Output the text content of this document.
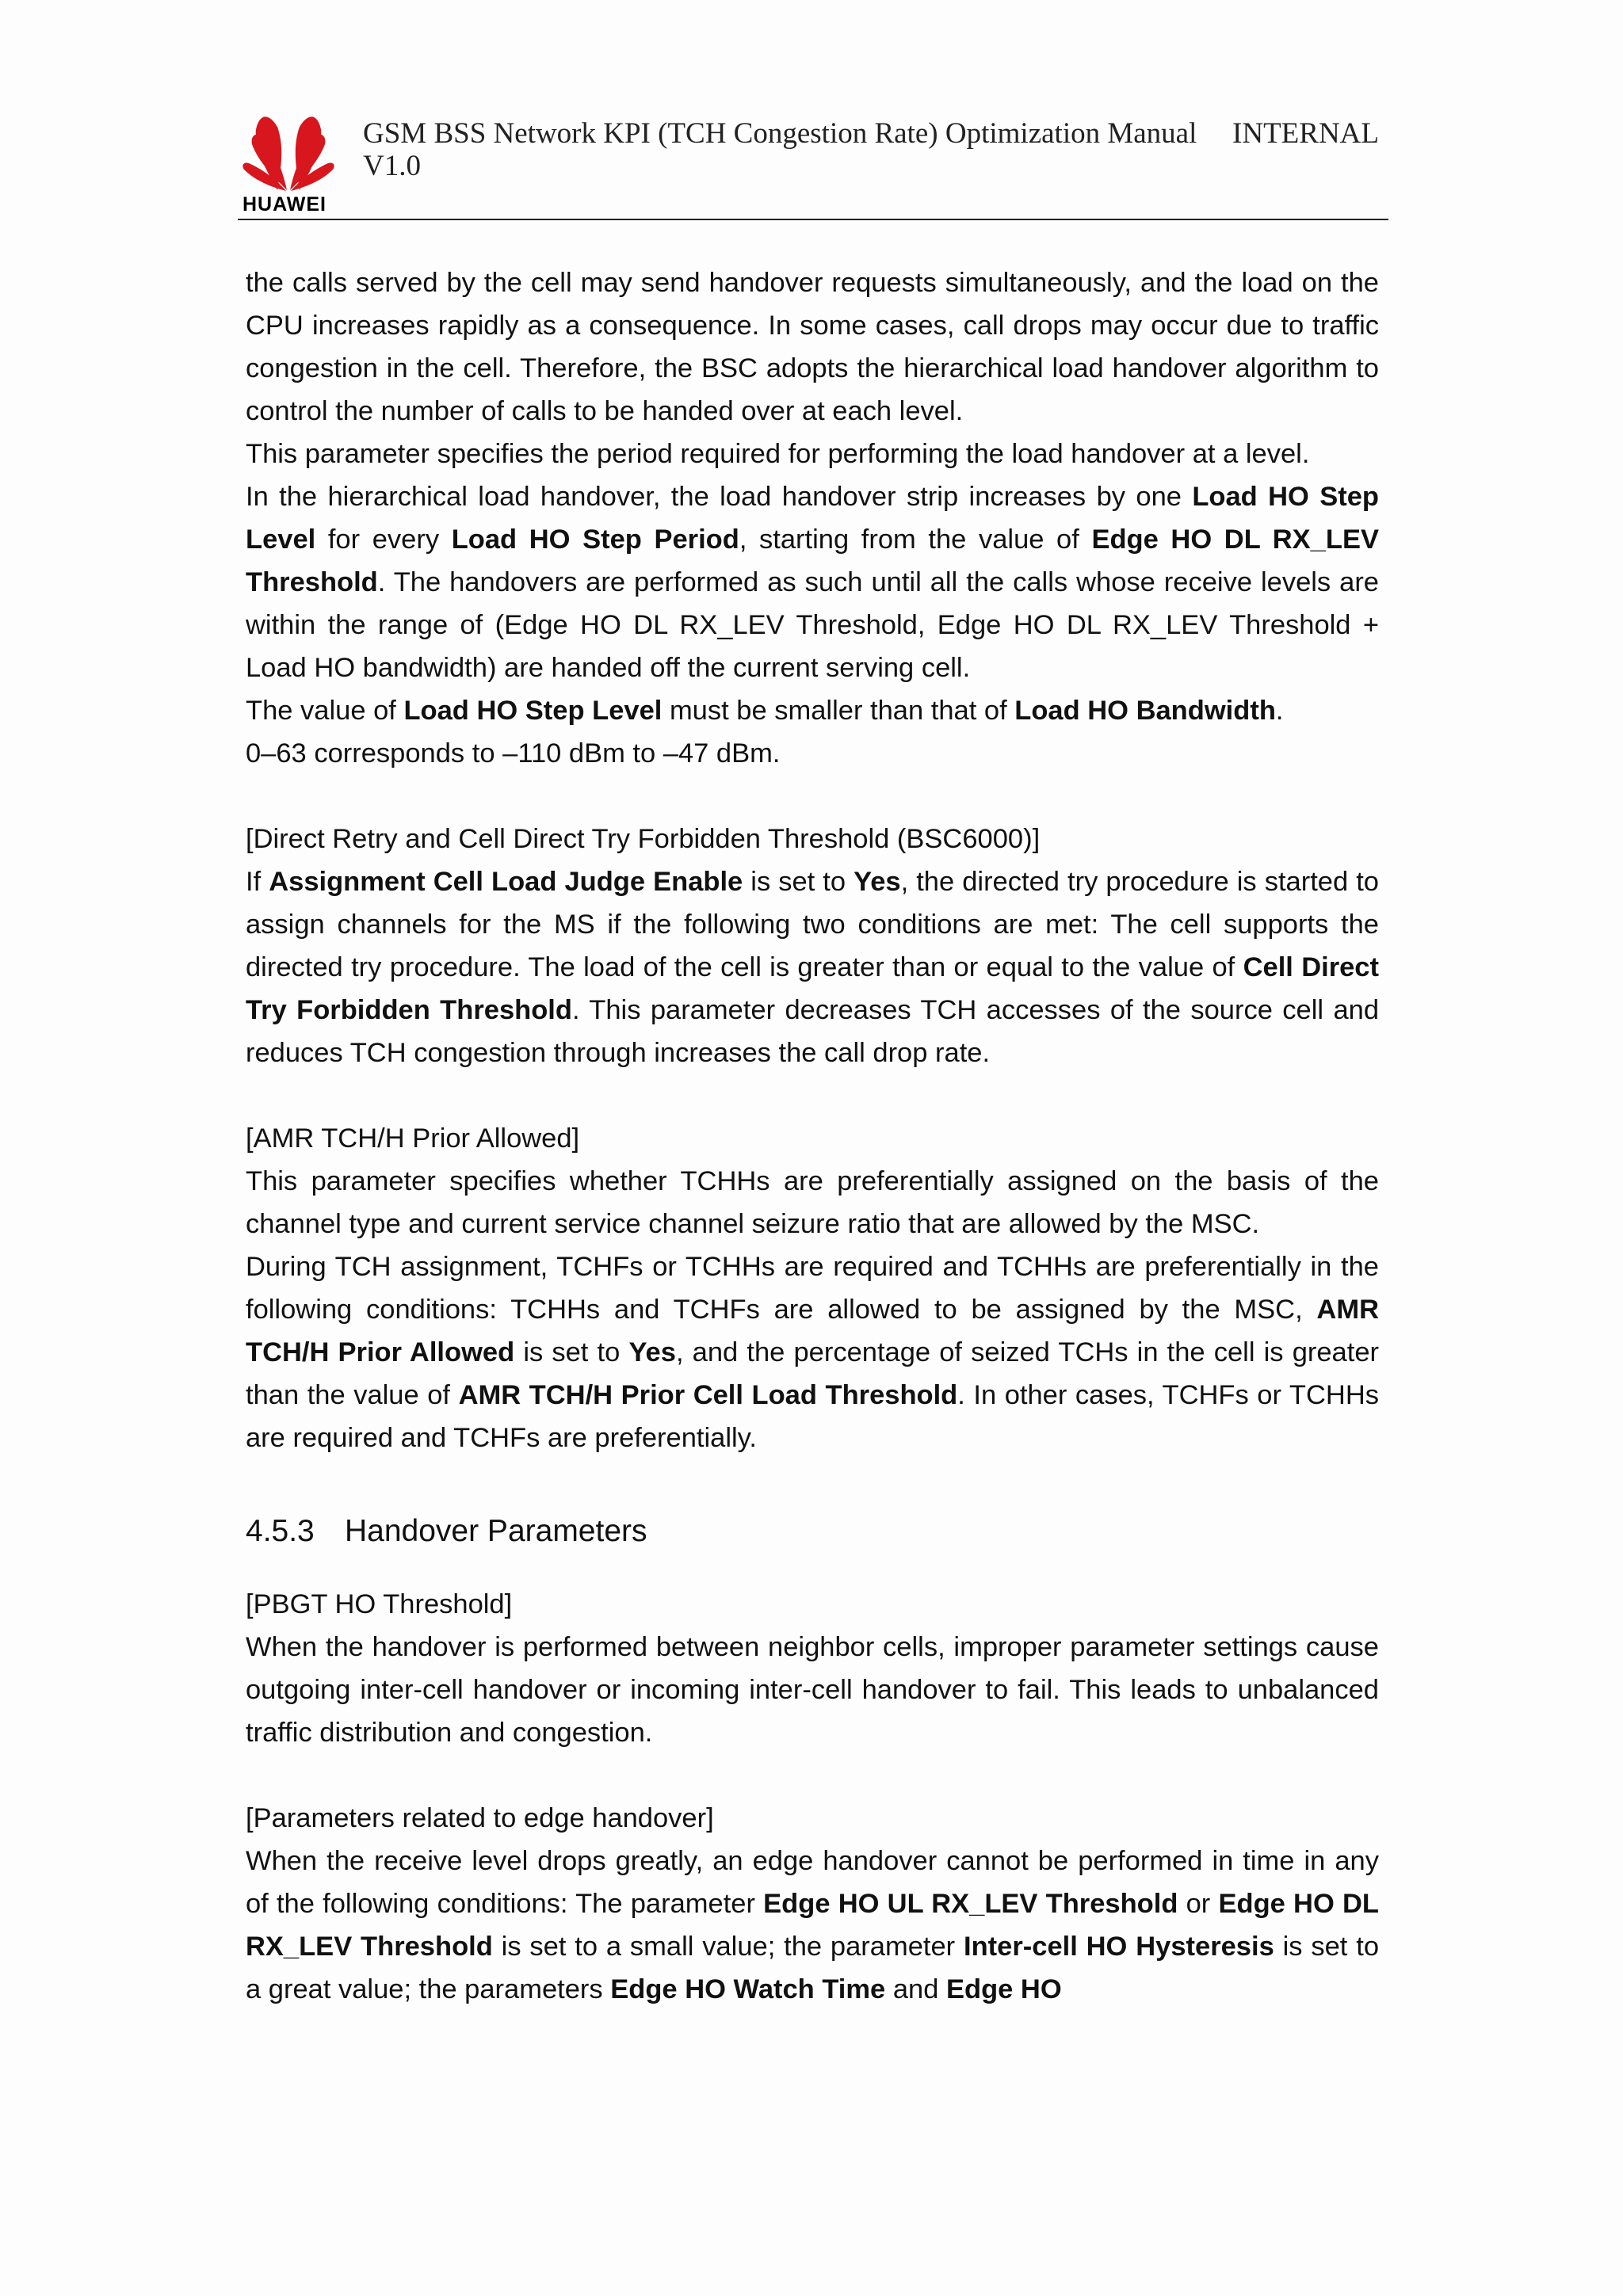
HUAWEI
GSM BSS Network KPI (TCH Congestion Rate) Optimization Manual
V1.0
INTERNAL

the calls served by the cell may send handover requests simultaneously, and the load on the CPU increases rapidly as a consequence. In some cases, call drops may occur due to traffic congestion in the cell. Therefore, the BSC adopts the hierarchical load handover algorithm to control the number of calls to be handed over at each level.

This parameter specifies the period required for performing the load handover at a level.

In the hierarchical load handover, the load handover strip increases by one Load HO Step Level for every Load HO Step Period, starting from the value of Edge HO DL RX_LEV Threshold. The handovers are performed as such until all the calls whose receive levels are within the range of (Edge HO DL RX_LEV Threshold, Edge HO DL RX_LEV Threshold + Load HO bandwidth) are handed off the current serving cell.

The value of Load HO Step Level must be smaller than that of Load HO Bandwidth.

0–63 corresponds to –110 dBm to –47 dBm.

[Direct Retry and Cell Direct Try Forbidden Threshold (BSC6000)]

If Assignment Cell Load Judge Enable is set to Yes, the directed try procedure is started to assign channels for the MS if the following two conditions are met: The cell supports the directed try procedure. The load of the cell is greater than or equal to the value of Cell Direct Try Forbidden Threshold. This parameter decreases TCH accesses of the source cell and reduces TCH congestion through increases the call drop rate.

[AMR TCH/H Prior Allowed]

This parameter specifies whether TCHHs are preferentially assigned on the basis of the channel type and current service channel seizure ratio that are allowed by the MSC.

During TCH assignment, TCHFs or TCHHs are required and TCHHs are preferentially in the following conditions: TCHHs and TCHFs are allowed to be assigned by the MSC, AMR TCH/H Prior Allowed is set to Yes, and the percentage of seized TCHs in the cell is greater than the value of AMR TCH/H Prior Cell Load Threshold. In other cases, TCHFs or TCHHs are required and TCHFs are preferentially.

4.5.3 Handover Parameters

[PBGT HO Threshold]

When the handover is performed between neighbor cells, improper parameter settings cause outgoing inter-cell handover or incoming inter-cell handover to fail. This leads to unbalanced traffic distribution and congestion.

[Parameters related to edge handover]

When the receive level drops greatly, an edge handover cannot be performed in time in any of the following conditions: The parameter Edge HO UL RX_LEV Threshold or Edge HO DL RX_LEV Threshold is set to a small value; the parameter Inter-cell HO Hysteresis is set to a great value; the parameters Edge HO Watch Time and Edge HO
